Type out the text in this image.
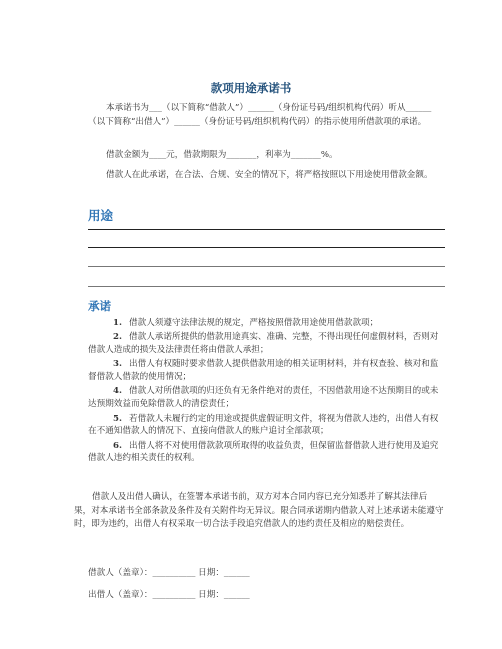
款项用途承诺书

本承诺书为___（以下简称“借款人”）______（身份证号码/组织机构代码）听从______（以下简称“出借人”）______（身份证号码/组织机构代码）的指示使用所借款项的承诺。

借款金额为____元，借款期限为_______，利率为_______%。

借款人在此承诺，在合法、合规、安全的情况下，将严格按照以下用途使用借款金额。

用途
承诺
1. 借款人须遵守法律法规的规定，严格按照借款用途使用借款款项；
2. 借款人承诺所提供的借款用途真实、准确、完整，不得出现任何虚假材料，否则对借款人造成的损失及法律责任将由借款人承担；
3. 出借人有权随时要求借款人提供借款用途的相关证明材料，并有权查验、核对和监督借款人借款的使用情况；
4. 借款人对所借款项的归还负有无条件绝对的责任，不因借款用途不达预期目的或未达预期效益而免除借款人的清偿责任；
5. 若借款人未履行约定的用途或提供虚假证明文件，将视为借款人违约，出借人有权在不通知借款人的情况下、直接向借款人的账户追讨全部款项；
6. 出借人将不对使用借款款项所取得的收益负责，但保留监督借款人进行使用及追究借款人违约相关责任的权利。

借款人及出借人确认，在签署本承诺书前，双方对本合同内容已充分知悉并了解其法律后果，对本承诺书全部条款及条件及有关附件均无异议。限合同承诺期内借款人对上述承诺未能遵守时，即为违约，出借人有权采取一切合法手段追究借款人的违约责任及相应的赔偿责任。

借款人（盖章）：__________ 日期：______
出借人（盖章）：__________ 日期：______
